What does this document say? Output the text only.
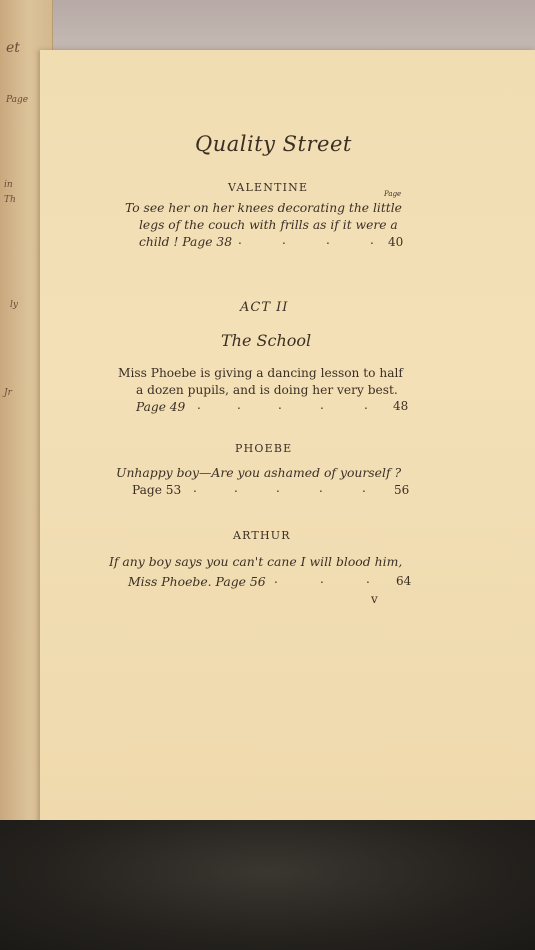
et
Page
in
Th
ly
Jr

Quality Street

VALENTINE	Page

To see her on her knees decorating the little

legs of the couch with frills as if it were a

child ! Page 38 .	.	.	. 40

ACT II

The School

Miss Phoebe is giving a dancing lesson to half

a dozen pupils, and is doing her very best.

Page 49 .	.	.	.	. 48

PHOEBE

Unhappy boy—Are you ashamed of yourself ?

Page 53 .	.	.	.	. 56

ARTHUR

If any boy says you can't cane I will blood him,

Miss Phoebe. Page 56 .	.	. 64

v
